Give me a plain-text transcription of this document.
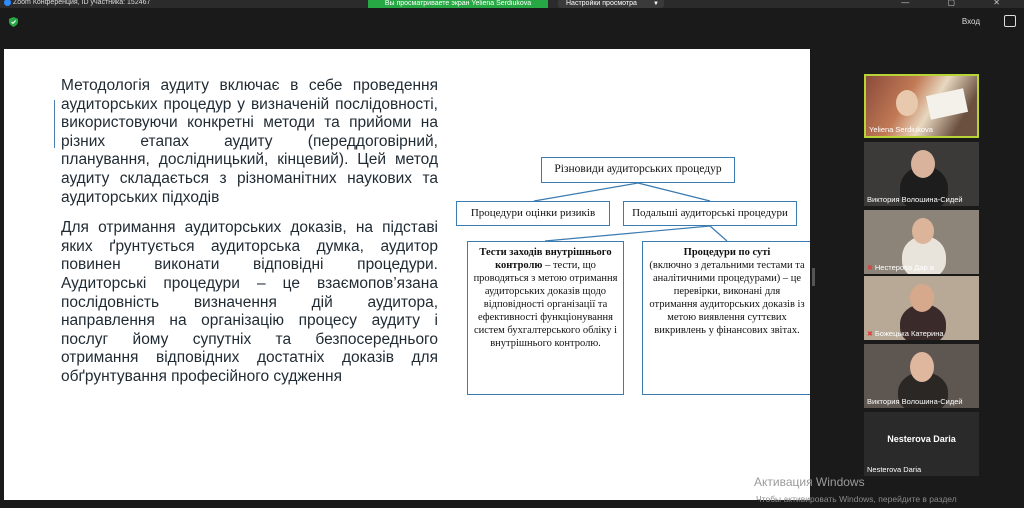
Zoom Конференция, ID участника: 152467	Вы просматриваете экран Yeliena Serdiukova	Настройки просмотра	▼	— ▢ ✕
Вход

Методологія аудиту включає в себе проведення аудиторських процедур у визначеній послідовності, використовуючи конкретні методи та прийоми на різних етапах аудиту (переддоговірний, планування, дослідницький, кінцевий). Цей метод аудиту складається з різноманітних наукових та аудиторських підходів

Для отримання аудиторських доказів, на підставі яких ґрунтується аудиторська думка, аудитор повинен виконати відповідні процедури. Аудиторські процедури – це взаємопов’язана послідовність визначення дій аудитора, направлення на організацію процесу аудиту і послуг йому супутніх та безпосереднього отримання відповідних достатніх доказів для обґрунтування професійного судження

Різновиди аудиторських процедур
Процедури оцінки ризиків	Подальші аудиторські процедури
Тести заходів внутрішнього контролю – тести, що проводяться з метою отримання аудиторських доказів щодо відповідності організації та ефективності функціонування систем бухгалтерського обліку і внутрішнього контролю.
Процедури по суті
(включно з детальними тестами та аналітичними процедурами) – це перевірки, виконані для отримання аудиторських доказів із метою виявлення суттєвих викривлень у фінансових звітах.
Yeliena Serdiukova
Виктория Волошина-Сидей
✖ Нестерова Дар я
✖ Божецька Катерина
Виктория Волошина-Сидей
Nesterova Daria
Nesterova Daria
Активация Windows
Чтобы активировать Windows, перейдите в раздел
